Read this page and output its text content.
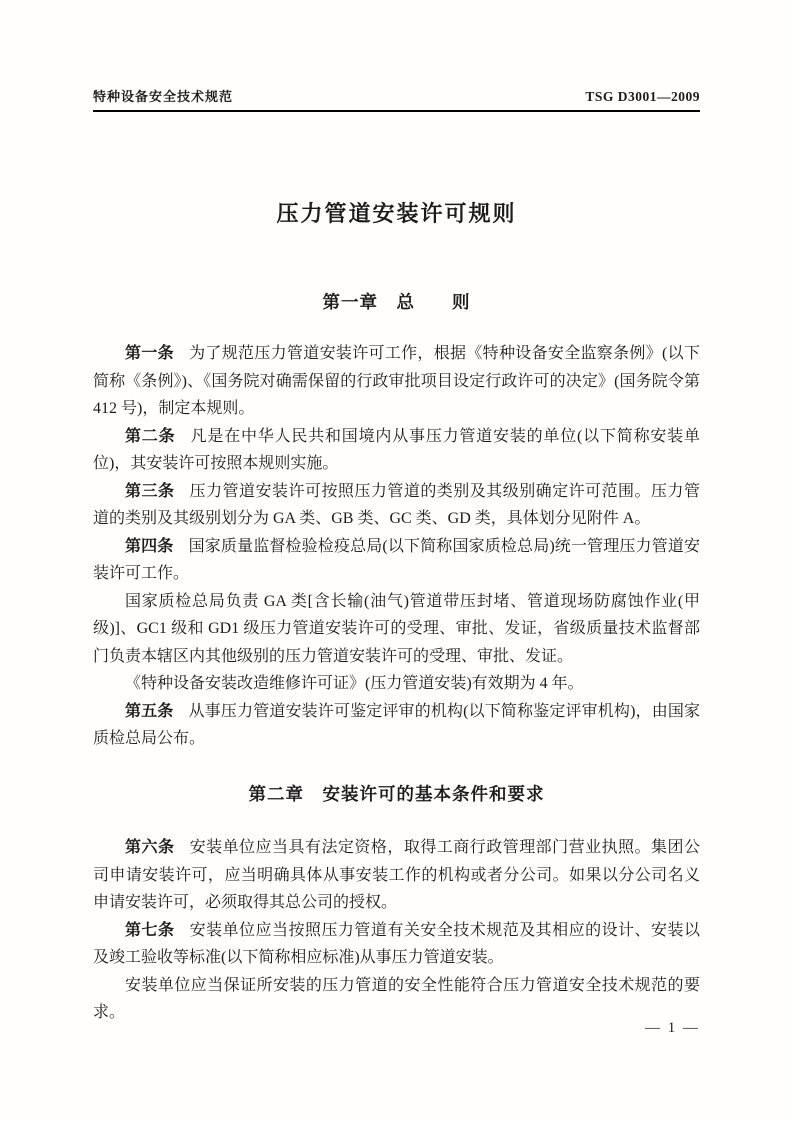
特种设备安全技术规范	TSG D3001—2009
压力管道安装许可规则
第一章　总　　则

第一条 为了规范压力管道安装许可工作，根据《特种设备安全监察条例》(以下简称《条例》)、《国务院对确需保留的行政审批项目设定行政许可的决定》(国务院令第 412 号)，制定本规则。

第二条 凡是在中华人民共和国境内从事压力管道安装的单位(以下简称安装单位)，其安装许可按照本规则实施。

第三条 压力管道安装许可按照压力管道的类别及其级别确定许可范围。压力管道的类别及其级别划分为 GA 类、GB 类、GC 类、GD 类，具体划分见附件 A。

第四条 国家质量监督检验检疫总局(以下简称国家质检总局)统一管理压力管道安装许可工作。

国家质检总局负责 GA 类[含长输(油气)管道带压封堵、管道现场防腐蚀作业(甲级)]、GC1 级和 GD1 级压力管道安装许可的受理、审批、发证，省级质量技术监督部门负责本辖区内其他级别的压力管道安装许可的受理、审批、发证。

《特种设备安装改造维修许可证》(压力管道安装)有效期为 4 年。

第五条 从事压力管道安装许可鉴定评审的机构(以下简称鉴定评审机构)，由国家质检总局公布。

第二章　安装许可的基本条件和要求

第六条 安装单位应当具有法定资格，取得工商行政管理部门营业执照。集团公司申请安装许可，应当明确具体从事安装工作的机构或者分公司。如果以分公司名义申请安装许可，必须取得其总公司的授权。

第七条 安装单位应当按照压力管道有关安全技术规范及其相应的设计、安装以及竣工验收等标准(以下简称相应标准)从事压力管道安装。

安装单位应当保证所安装的压力管道的安全性能符合压力管道安全技术规范的要求。

— 1 —
